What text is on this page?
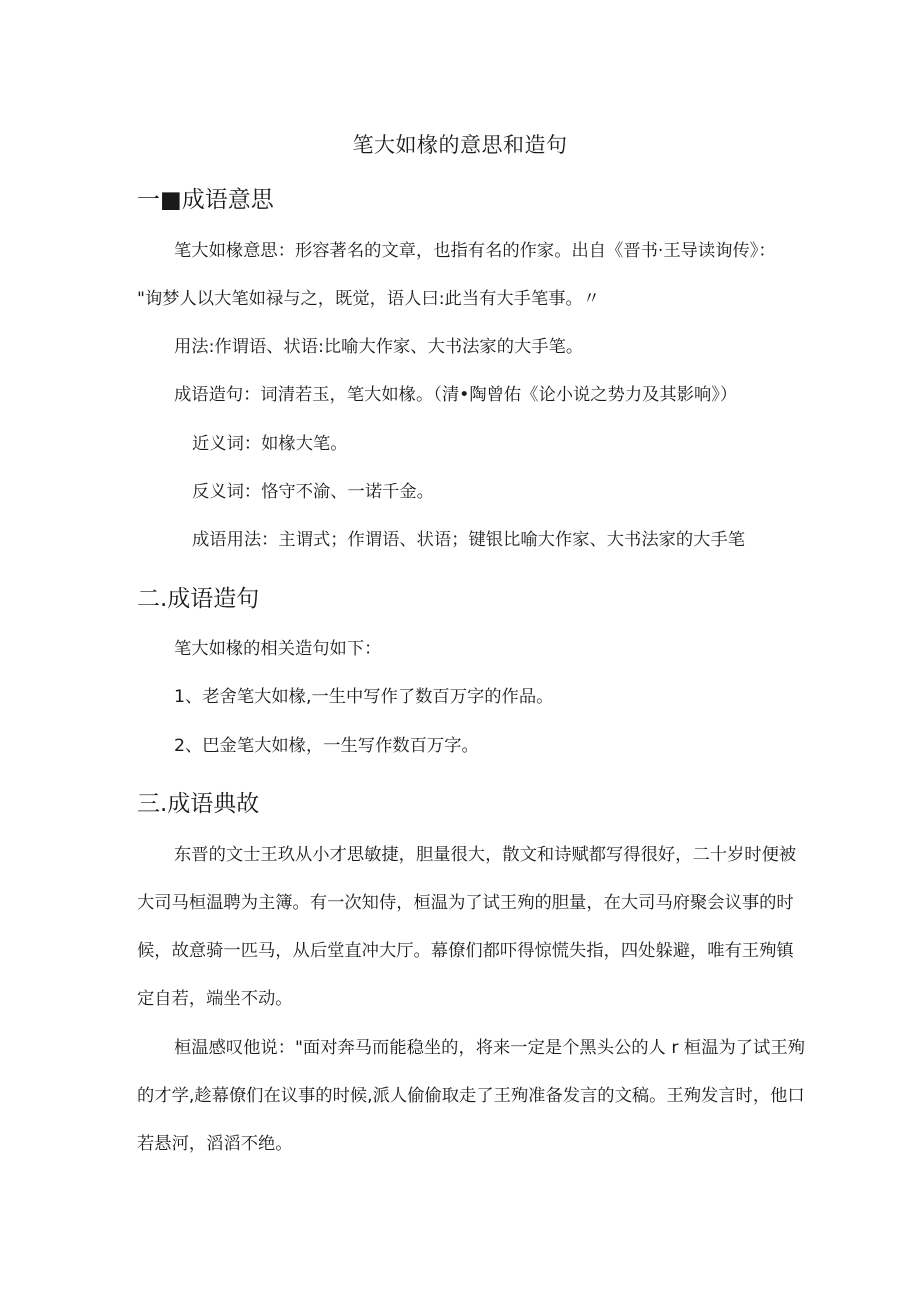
笔大如椽的意思和造句
一■成语意思
笔大如椽意思：形容著名的文章，也指有名的作家。出自《晋书·王导读询传》：
"询梦人以大笔如禄与之，既觉，语人曰:此当有大手笔事。〃
用法:作谓语、状语:比喻大作家、大书法家的大手笔。
成语造句：词清若玉，笔大如椽。（清•陶曾佑《论小说之势力及其影响》）
近义词：如椽大笔。
反义词：恪守不渝、一诺千金。
成语用法：主谓式；作谓语、状语；键银比喻大作家、大书法家的大手笔
二.成语造句
笔大如椽的相关造句如下：
1、老舍笔大如椽,一生中写作了数百万字的作品。
2、巴金笔大如椽，一生写作数百万字。
三.成语典故
东晋的文士王玖从小才思敏捷，胆量很大，散文和诗赋都写得很好，二十岁时便被
大司马桓温聘为主簿。有一次知侍，桓温为了试王殉的胆量，在大司马府聚会议事的时
候，故意骑一匹马，从后堂直冲大厅。幕僚们都吓得惊慌失指，四处躲避，唯有王殉镇
定自若，端坐不动。
桓温感叹他说："面对奔马而能稳坐的，将来一定是个黑头公的人 r 桓温为了试王殉
的才学,趁幕僚们在议事的时候,派人偷偷取走了王殉准备发言的文稿。王殉发言时，他口
若悬河，滔滔不绝。
